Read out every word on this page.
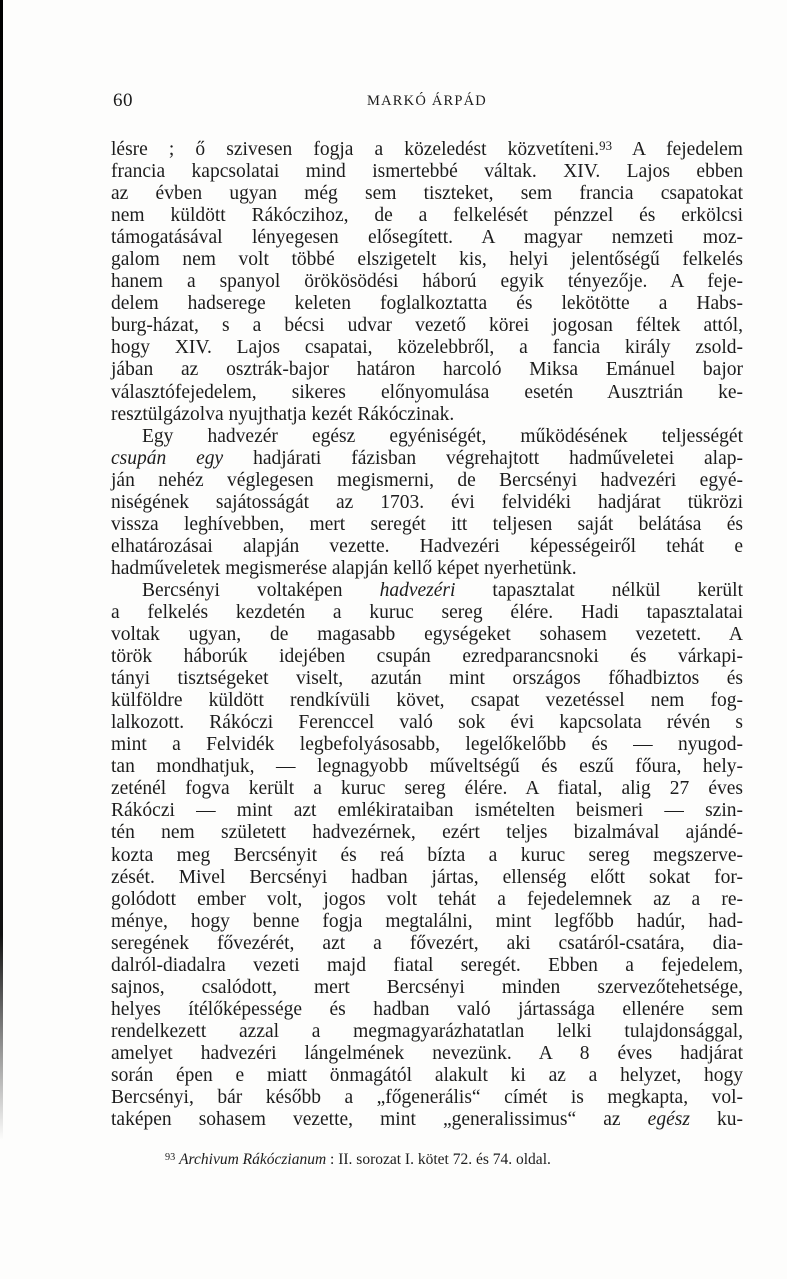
60	MARKÓ ÁRPÁD
lésre ; ő szivesen fogja a közeledést közvetíteni.$^{93}$ A fejedelem
francia kapcsolatai mind ismertebbé váltak. XIV. Lajos ebben
az évben ugyan még sem tiszteket, sem francia csapatokat
nem küldött Rákóczihoz, de a felkelését pénzzel és erkölcsi
támogatásával lényegesen elősegített. A magyar nemzeti moz-
galom nem volt többé elszigetelt kis, helyi jelentőségű felkelés
hanem a spanyol örökösödési háború egyik tényezője. A feje-
delem hadserege keleten foglalkoztatta és lekötötte a Habs-
burg-házat, s a bécsi udvar vezető körei jogosan féltek attól,
hogy XIV. Lajos csapatai, közelebbről, a fancia király zsold-
jában az osztrák-bajor határon harcoló Miksa Emánuel bajor
választófejedelem, sikeres előnyomulása esetén Ausztrián ke-
resztülgázolva nyujthatja kezét Rákóczinak.
Egy hadvezér egész egyéniségét, működésének teljességét
csupán egy hadjárati fázisban végrehajtott hadműveletei alap-
ján nehéz véglegesen megismerni, de Bercsényi hadvezéri egyé-
niségének sajátosságát az 1703. évi felvidéki hadjárat tükrözi
vissza leghívebben, mert seregét itt teljesen saját belátása és
elhatározásai alapján vezette. Hadvezéri képességeiről tehát e
hadműveletek megismerése alapján kellő képet nyerhetünk.
Bercsényi voltaképen hadvezéri tapasztalat nélkül került
a felkelés kezdetén a kuruc sereg élére. Hadi tapasztalatai
voltak ugyan, de magasabb egységeket sohasem vezetett. A
török háborúk idejében csupán ezredparancsnoki és várkapi-
tányi tisztségeket viselt, azután mint országos főhadbiztos és
külföldre küldött rendkívüli követ, csapat vezetéssel nem fog-
lalkozott. Rákóczi Ferenccel való sok évi kapcsolata révén s
mint a Felvidék legbefolyásosabb, legelőkelőbb és — nyugod-
tan mondhatjuk, — legnagyobb műveltségű és eszű főura, hely-
zeténél fogva került a kuruc sereg élére. A fiatal, alig 27 éves
Rákóczi — mint azt emlékirataiban ismételten beismeri — szin-
tén nem született hadvezérnek, ezért teljes bizalmával ajándé-
kozta meg Bercsényit és reá bízta a kuruc sereg megszerve-
zését. Mivel Bercsényi hadban jártas, ellenség előtt sokat for-
golódott ember volt, jogos volt tehát a fejedelemnek az a re-
ménye, hogy benne fogja megtalálni, mint legfőbb hadúr, had-
seregének fővezérét, azt a fővezért, aki csatáról-csatára, dia-
dalról-diadalra vezeti majd fiatal seregét. Ebben a fejedelem,
sajnos, csalódott, mert Bercsényi minden szervezőtehetsége,
helyes ítélőképessége és hadban való jártassága ellenére sem
rendelkezett azzal a megmagyarázhatatlan lelki tulajdonsággal,
amelyet hadvezéri lángelmének nevezünk. A 8 éves hadjárat
során épen e miatt önmagától alakult ki az a helyzet, hogy
Bercsényi, bár később a „főgenerális“ címét is megkapta, vol-
taképen sohasem vezette, mint „generalissimus“ az egész ku-
$^{93}$ Archivum Rákóczianum : II. sorozat I. kötet 72. és 74. oldal.
